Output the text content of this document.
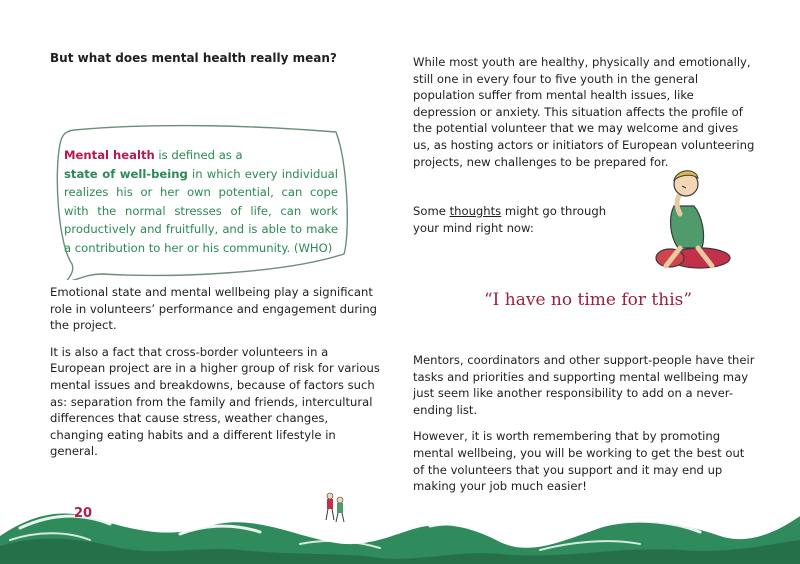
But what does mental health really mean?
Mental health is defined as a
state of well-being in which every individual realizes his or her own potential, can cope with the normal stresses of life, can work productively and fruitfully, and is able to make a contribution to her or his community. (WHO)

Emotional state and mental wellbeing play a significant role in volunteers’ performance and engagement during the project.

It is also a fact that cross-border volunteers in a European project are in a higher group of risk for various mental issues and breakdowns, because of factors such as: separation from the family and friends, intercultural differences that cause stress, weather changes, changing eating habits and a different lifestyle in general.

While most youth are healthy, physically and emotionally, still one in every four to five youth in the general population suffer from mental health issues, like depression or anxiety. This situation affects the profile of the potential volunteer that we may welcome and gives us, as hosting actors or initiators of European volunteering projects, new challenges to be prepared for.
Some thoughts might go through your mind right now:
“I have no time for this”

Mentors, coordinators and other support-people have their tasks and priorities and supporting mental wellbeing may just seem like another responsibility to add on a never-ending list.

However, it is worth remembering that by promoting mental wellbeing, you will be working to get the best out of the volunteers that you support and it may end up making your job much easier!

20
